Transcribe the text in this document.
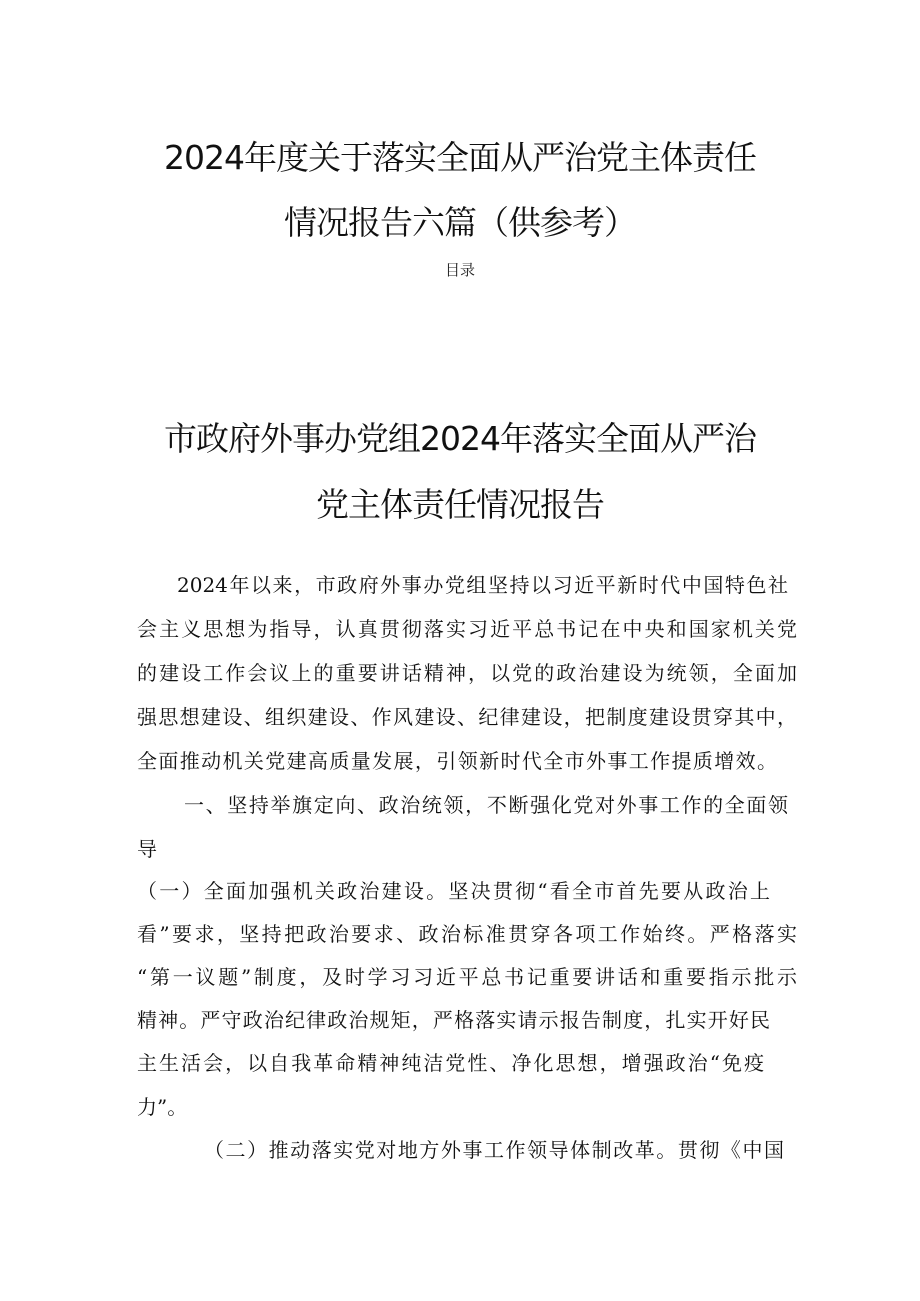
2024年度关于落实全面从严治党主体责任
情况报告六篇（供参考）
目录
市政府外事办党组2024年落实全面从严治
党主体责任情况报告
2024年以来，市政府外事办党组坚持以习近平新时代中国特色社
会主义思想为指导，认真贯彻落实习近平总书记在中央和国家机关党
的建设工作会议上的重要讲话精神，以党的政治建设为统领，全面加
强思想建设、组织建设、作风建设、纪律建设，把制度建设贯穿其中，
全面推动机关党建高质量发展，引领新时代全市外事工作提质增效。
一、坚持举旗定向、政治统领，不断强化党对外事工作的全面领
导
（一）全面加强机关政治建设。坚决贯彻“看全市首先要从政治上
看”要求，坚持把政治要求、政治标准贯穿各项工作始终。严格落实
“第一议题”制度，及时学习习近平总书记重要讲话和重要指示批示
精神。严守政治纪律政治规矩，严格落实请示报告制度，扎实开好民
主生活会，以自我革命精神纯洁党性、净化思想，增强政治“免疫
力”。
（二）推动落实党对地方外事工作领导体制改革。贯彻《中国
